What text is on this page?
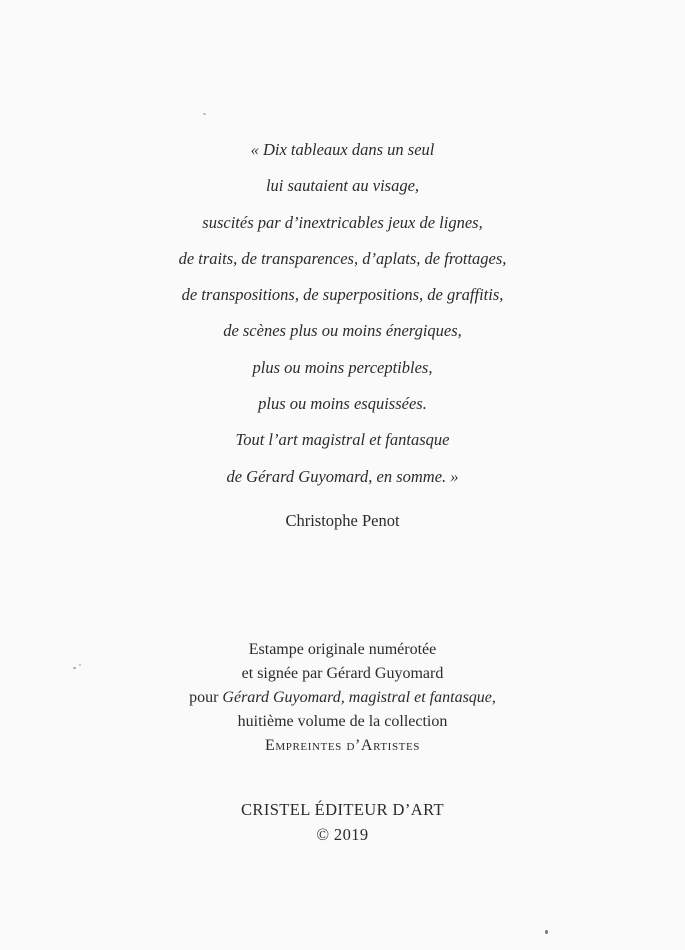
« Dix tableaux dans un seul
lui sautaient au visage,
suscités par d’inextricables jeux de lignes,
de traits, de transparences, d’aplats, de frottages,
de transpositions, de superpositions, de graffitis,
de scènes plus ou moins énergiques,
plus ou moins perceptibles,
plus ou moins esquissées.
Tout l’art magistral et fantasque
de Gérard Guyomard, en somme. »
Christophe Penot
Estampe originale numérotée
et signée par Gérard Guyomard
pour Gérard Guyomard, magistral et fantasque,
huitième volume de la collection
Empreintes d’Artistes
CRISTEL ÉDITEUR D’ART
© 2019
